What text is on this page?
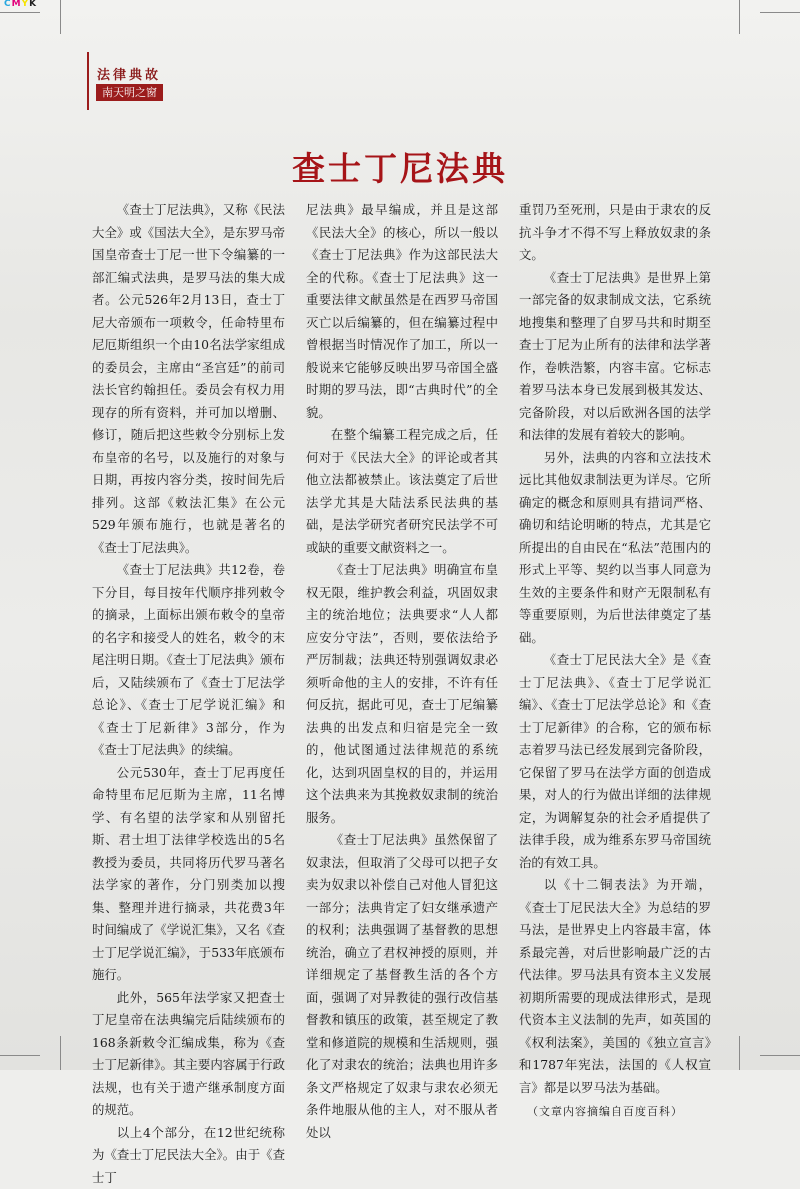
CMYK
法律典故
南天明之窗
查士丁尼法典

《查士丁尼法典》，又称《民法大全》或《国法大全》，是东罗马帝国皇帝查士丁尼一世下令编纂的一部汇编式法典，是罗马法的集大成者。公元526年2月13日，查士丁尼大帝颁布一项敕令，任命特里布尼厄斯组织一个由10名法学家组成的委员会，主席由“圣宫廷”的前司法长官约翰担任。委员会有权力用现存的所有资料，并可加以增删、修订，随后把这些敕令分别标上发布皇帝的名号，以及施行的对象与日期，再按内容分类，按时间先后排列。这部《敕法汇集》在公元529年颁布施行，也就是著名的《查士丁尼法典》。

《查士丁尼法典》共12卷，卷下分目，每目按年代顺序排列敕令的摘录，上面标出颁布敕令的皇帝的名字和接受人的姓名，敕令的末尾注明日期。《查士丁尼法典》颁布后，又陆续颁布了《查士丁尼法学总论》、《查士丁尼学说汇编》和《查士丁尼新律》3部分，作为《查士丁尼法典》的续编。

公元530年，查士丁尼再度任命特里布尼厄斯为主席，11名博学、有名望的法学家和从别留托斯、君士坦丁法律学校选出的5名教授为委员，共同将历代罗马著名法学家的著作，分门别类加以搜集、整理并进行摘录，共花费3年时间编成了《学说汇集》，又名《查士丁尼学说汇编》，于533年底颁布施行。

此外，565年法学家又把查士丁尼皇帝在法典编完后陆续颁布的168条新敕令汇编成集，称为《查士丁尼新律》。其主要内容属于行政法规，也有关于遗产继承制度方面的规范。

以上4个部分，在12世纪统称为《查士丁尼民法大全》。由于《查士丁

尼法典》最早编成，并且是这部《民法大全》的核心，所以一般以《查士丁尼法典》作为这部民法大全的代称。《查士丁尼法典》这一重要法律文献虽然是在西罗马帝国灭亡以后编纂的，但在编纂过程中曾根据当时情况作了加工，所以一般说来它能够反映出罗马帝国全盛时期的罗马法，即“古典时代”的全貌。

在整个编纂工程完成之后，任何对于《民法大全》的评论或者其他立法都被禁止。该法奠定了后世法学尤其是大陆法系民法典的基础，是法学研究者研究民法学不可或缺的重要文献资料之一。

《查士丁尼法典》明确宣布皇权无限，维护教会利益，巩固奴隶主的统治地位；法典要求“人人都应安分守法”，否则，要依法给予严厉制裁；法典还特别强调奴隶必须听命他的主人的安排，不许有任何反抗，据此可见，查士丁尼编纂法典的出发点和归宿是完全一致的，他试图通过法律规范的系统化，达到巩固皇权的目的，并运用这个法典来为其挽救奴隶制的统治服务。

《查士丁尼法典》虽然保留了奴隶法，但取消了父母可以把子女卖为奴隶以补偿自己对他人冒犯这一部分；法典肯定了妇女继承遗产的权利；法典强调了基督教的思想统治，确立了君权神授的原则，并详细规定了基督教生活的各个方面，强调了对异教徒的强行改信基督教和镇压的政策，甚至规定了教堂和修道院的规模和生活规则，强化了对隶农的统治；法典也用许多条文严格规定了奴隶与隶农必须无条件地服从他的主人，对不服从者处以

重罚乃至死刑，只是由于隶农的反抗斗争才不得不写上释放奴隶的条文。

《查士丁尼法典》是世界上第一部完备的奴隶制成文法，它系统地搜集和整理了自罗马共和时期至查士丁尼为止所有的法律和法学著作，卷帙浩繁，内容丰富。它标志着罗马法本身已发展到极其发达、完备阶段，对以后欧洲各国的法学和法律的发展有着较大的影响。

另外，法典的内容和立法技术远比其他奴隶制法更为详尽。它所确定的概念和原则具有措词严格、确切和结论明晰的特点，尤其是它所提出的自由民在“私法”范围内的形式上平等、契约以当事人同意为生效的主要条件和财产无限制私有等重要原则，为后世法律奠定了基础。

《查士丁尼民法大全》是《查士丁尼法典》、《查士丁尼学说汇编》、《查士丁尼法学总论》和《查士丁尼新律》的合称，它的颁布标志着罗马法已经发展到完备阶段，它保留了罗马在法学方面的创造成果，对人的行为做出详细的法律规定，为调解复杂的社会矛盾提供了法律手段，成为维系东罗马帝国统治的有效工具。

以《十二铜表法》为开端，《查士丁尼民法大全》为总结的罗马法，是世界史上内容最丰富，体系最完善，对后世影响最广泛的古代法律。罗马法具有资本主义发展初期所需要的现成法律形式，是现代资本主义法制的先声，如英国的《权利法案》，美国的《独立宣言》和1787年宪法，法国的《人权宣言》都是以罗马法为基础。

（文章内容摘编自百度百科）
